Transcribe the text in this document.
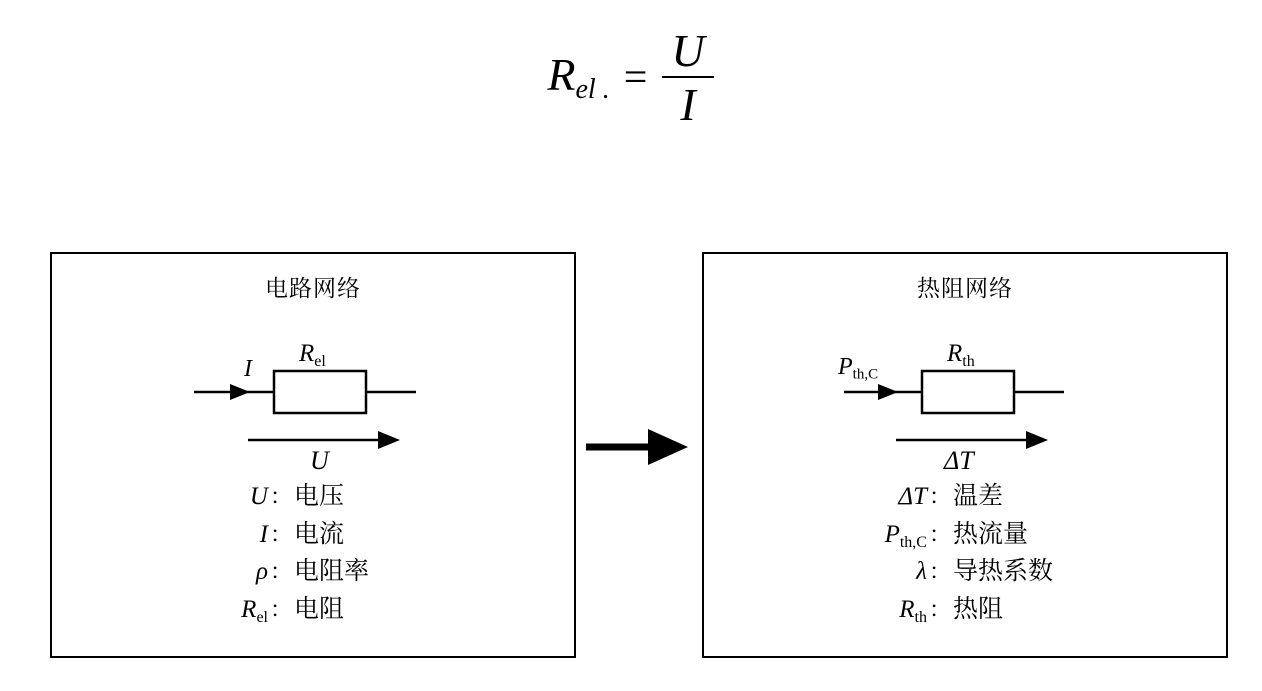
$R_{el .} = \frac{U}{I}$
电路网络
I
$R_{el}$
U
U ： 电压
I ： 电流
ρ ： 电阻率
$R_{el}$ ： 电阻
热阻网络
$P_{th,C}$
$R_{th}$
ΔT
ΔT ： 温差
$P_{th,C}$ ： 热流量
λ ： 导热系数
$R_{th}$ ： 热阻
